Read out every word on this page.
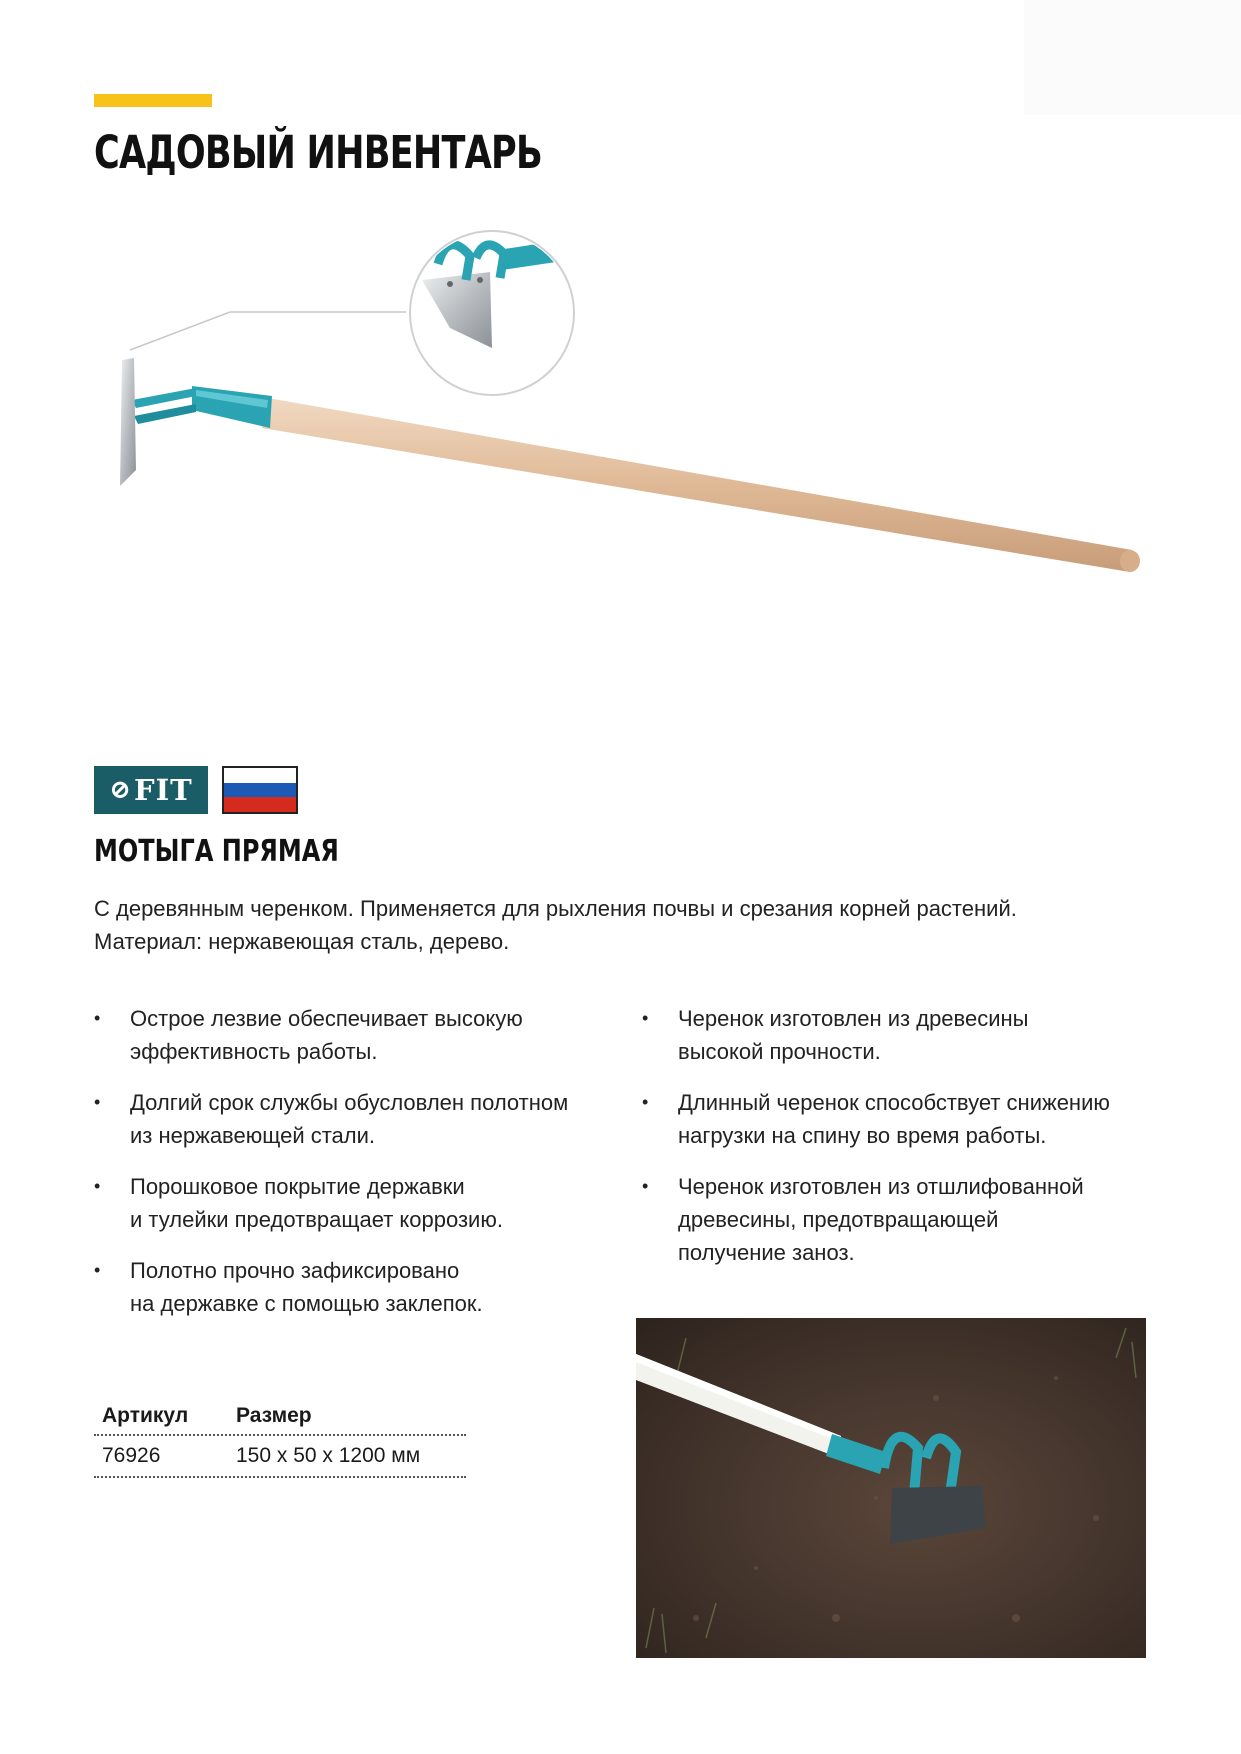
САДОВЫЙ ИНВЕНТАРЬ
⊘ FIT
МОТЫГА ПРЯМАЯ

С деревянным черенком. Применяется для рыхления почвы и срезания корней растений.

Материал: нержавеющая сталь, дерево.

• Острое лезвие обеспечивает высокую
эффективность работы.
• Долгий срок службы обусловлен полотном
из нержавеющей стали.
• Порошковое покрытие державки
и тулейки предотвращает коррозию.
• Полотно прочно зафиксировано
на державке с помощью заклепок.
• Черенок изготовлен из древесины
высокой прочности.
• Длинный черенок способствует снижению
нагрузки на спину во время работы.
• Черенок изготовлен из отшлифованной
древесины, предотвращающей
получение заноз.
Артикул	Размер
76926	150 х 50 х 1200 мм
